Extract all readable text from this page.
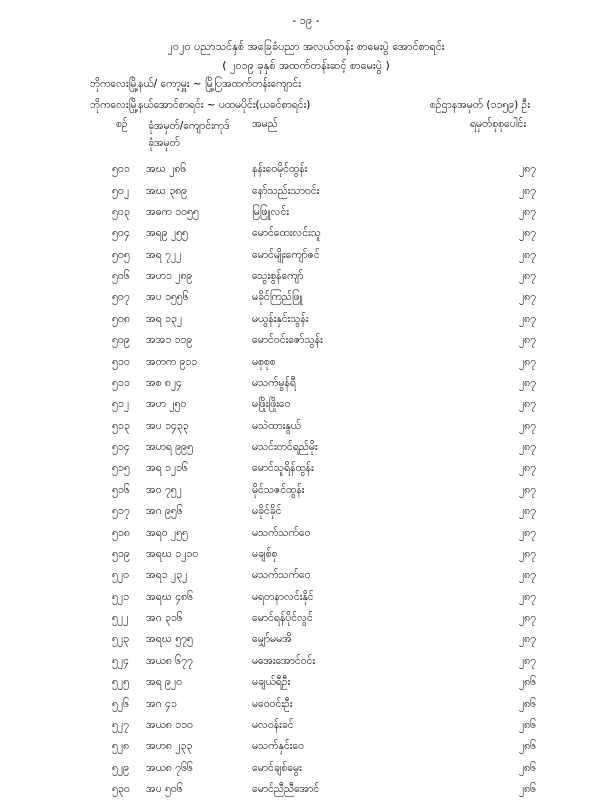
- ၁၉ -
၂၀၂၀ ပညာသင်နှစ် အခြေခံပညာ အလယ်တန်း စာမေးပွဲ အောင်စာရင်း
( ၂၀၁၉ ခုနှစ် အထက်တန်းဆင့် စာမေးပွဲ )
ဘိုကလေးမြို့နယ်/ ကော့မှူး ~ မြို့ပြအထက်တန်းကျောင်း
ဘိုကလေးမြို့နယ်အောင်စာရင်း ~ ပထမပိုင်း(ယခင်စာရင်း)	စဉ်ဌာနအမှတ် (၁၁၅၉) ဦး
စဉ် ခုံအမှတ်/ကျောင်းကုဒ်
ခုံအမှတ်
အမည်	ရမှတ်စုစုပေါင်း
၅၀၁	အဃ ၂၈၆	နန်းဝေမိုင်ထွန်း	၂၈၇
၅၀၂	အဃ ၃၈၉	နော်သည်းသာဝင်း	၂၈၇
၅၀၃	အဓက ၁၀၅၅	မြဖြူလင်း	၂၈၇
၅၀၄	အရ၉ ၂၅၅	မောင်ထေးလင်းသူ	၂၈၇
၅၀၅	အရ ၇၂၂	မောင်မျိုးကျော်ဇင်	၂၈၇
၅၀၆	အဟ၁ ၂၈၉	သွေးစွန်ကျော်	၂၈၇
၅၀၇	အပ ၁၅၅၆	မခိုင်ကြည်ဖြူ	၂၈၇
၅၀၈	အရ ၁၃၂	မယွန်းနှင်းသွန်း	၂၈၇
၅၀၉	အအ၁ ၁၁၉	မောင်ဝင်းဇော်သွန်း	၂၈၇
၅၁၀	အတက ၉၁၁	မစုစုစ	၂၈၇
၅၁၁	အစ ၈၂၄	မသက်မွန်ရီ	၂၈၇
၅၁၂	အဟ ၂၅၀	မဖြိုးဖြိုးဝေ	၂၈၇
၅၁၃	အပ ၁၄၃၃	မသဲထားနွယ်	၂၈၇
၅၁၄	အဟရ ၉၉၅	မသင်းတင်ရည်မိုး	၂၈၇
၅၁၅	အရ ၁၂၁၆	မောင်သူရိန်ထွန်း	၂၈၇
၅၁၆	အဝ ၇၅၂	မိုင်သဇင်ထွန်း	၂၈၇
၅၁၇	အဂ ၉၅၆	မခိုင်ခိုင်	၂၈၇
၅၁၈	အရ၀ ၂၅၅	မသက်သက်ဝေ	၂၈၇
၅၁၉	အရဃ ၁၂၁၀	မချစ်စု	၂၈၇
၅၂၀	အရ၁ ၂၃၂	မသက်သက်ဝေ	၂၈၇
၅၂၁	အရဃ ၄၈၆	မရတနာလင်းနိုင်	၂၈၇
၅၂၂	အဂ ၃၁၆	မောင်ရန်ပိုင်လွင်	၂၈၇
၅၂၃	အရဃ ၅၇၅	မျှော်မမအိ	၂၈၇
၅၂၄	အယ၈ ၆၇၇	မအေးအောင်ဝင်း	၂၈၇
၅၂၅	အရ ၉၂၀	မချယ်ရီဦး	၂၈၆
၅၂၆	အဂ ၄၁	မဝေဝင်းဦး	၂၈၆
၅၂၇	အယ၈ ၁၁၀	မလဝန်းခင်	၂၈၆
၅၂၈	အဟ၈ ၂၃၃	မသက်နှင်းဝေ	၂၈၆
၅၂၉	အယ၈ ၇၆၆	မောင်ချစ်မွေး	၂၈၆
၅၃၀	အပ ၅၀၆	မောင်ညီညီအောင်	၂၈၆
